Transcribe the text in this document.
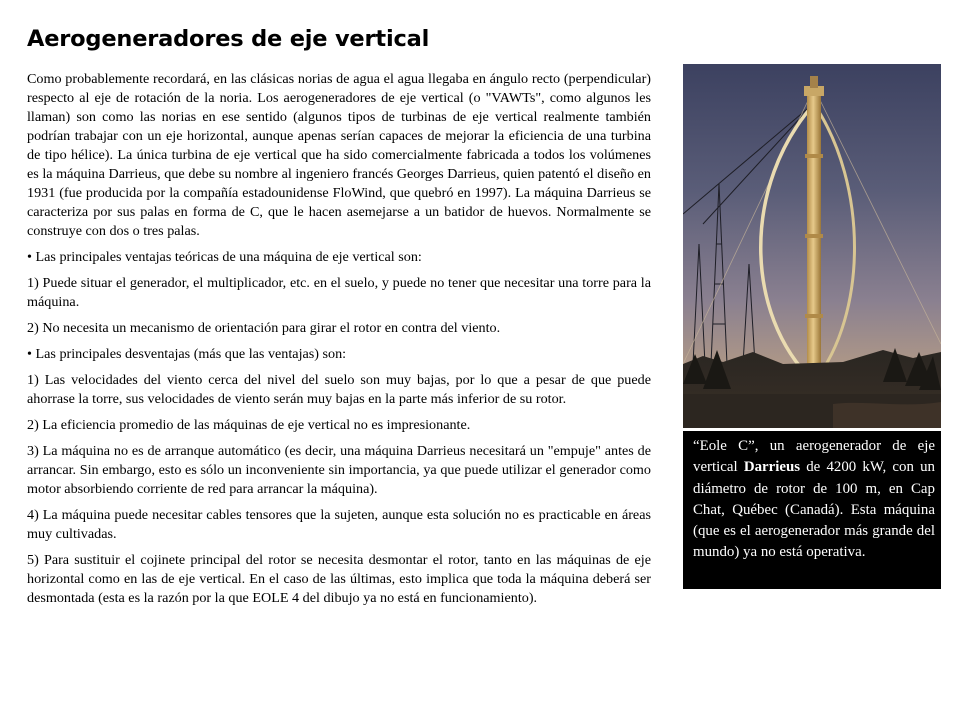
Aerogeneradores de eje vertical

Como probablemente recordará, en las clásicas norias de agua el agua llegaba en ángulo recto (perpendicular) respecto al eje de rotación de la noria. Los aerogeneradores de eje vertical (o "VAWTs", como algunos les llaman) son como las norias en ese sentido (algunos tipos de turbinas de eje vertical realmente también podrían trabajar con un eje horizontal, aunque apenas serían capaces de mejorar la eficiencia de una turbina de tipo hélice). La única turbina de eje vertical que ha sido comercialmente fabricada a todos los volúmenes es la máquina Darrieus, que debe su nombre al ingeniero francés Georges Darrieus, quien patentó el diseño en 1931 (fue producida por la compañía estadounidense FloWind, que quebró en 1997). La máquina Darrieus se caracteriza por sus palas en forma de C, que le hacen asemejarse a un batidor de huevos. Normalmente se construye con dos o tres palas.

• Las principales ventajas teóricas de una máquina de eje vertical son:

1) Puede situar el generador, el multiplicador, etc. en el suelo, y puede no tener que necesitar una torre para la máquina.

2) No necesita un mecanismo de orientación para girar el rotor en contra del viento.

• Las principales desventajas (más que las ventajas) son:

1) Las velocidades del viento cerca del nivel del suelo son muy bajas, por lo que a pesar de que puede ahorrase la torre, sus velocidades de viento serán muy bajas en la parte más inferior de su rotor.

2) La eficiencia promedio de las máquinas de eje vertical no es impresionante.

3) La máquina no es de arranque automático (es decir, una máquina Darrieus necesitará un "empuje" antes de arrancar. Sin embargo, esto es sólo un inconveniente sin importancia, ya que puede utilizar el generador como motor absorbiendo corriente de red para arrancar la máquina).

4) La máquina puede necesitar cables tensores que la sujeten, aunque esta solución no es practicable en áreas muy cultivadas.

5) Para sustituir el cojinete principal del rotor se necesita desmontar el rotor, tanto en las máquinas de eje horizontal como en las de eje vertical. En el caso de las últimas, esto implica que toda la máquina deberá ser desmontada (esta es la razón por la que EOLE 4 del dibujo ya no está en funcionamiento).

“Eole C”, un aerogenerador de eje vertical Darrieus de 4200 kW, con un diámetro de rotor de 100 m, en Cap Chat, Québec (Canadá). Esta máquina (que es el aerogenerador más grande del mundo) ya no está operativa.
